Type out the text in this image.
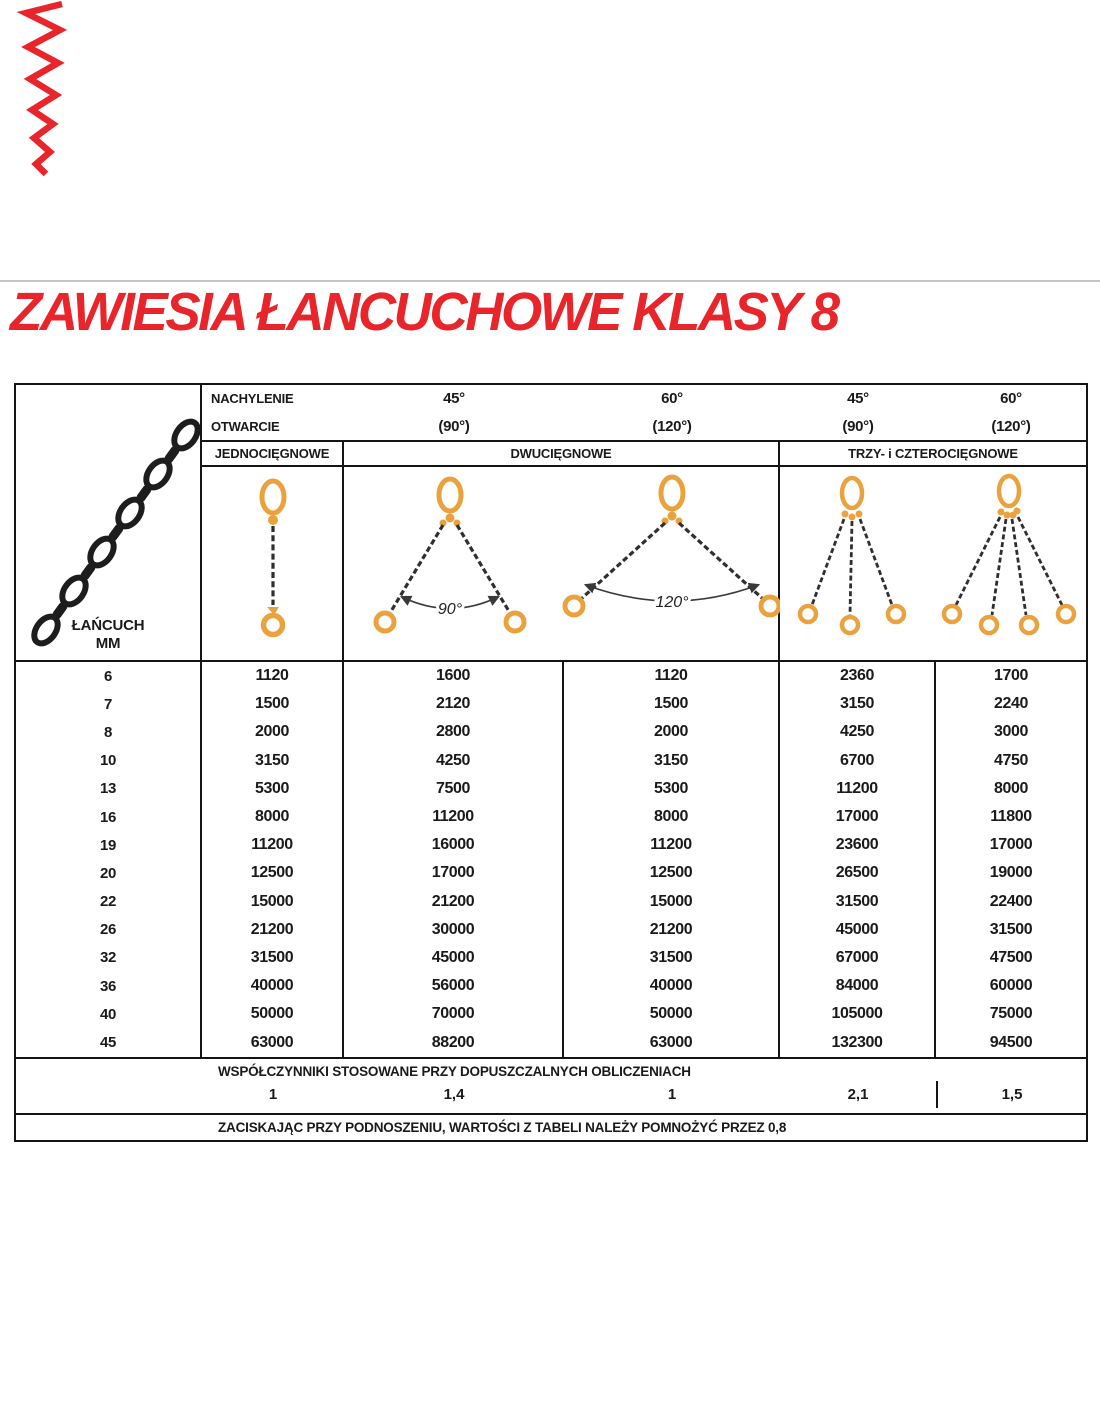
ZAWIESIA ŁANCUCHOWE KLASY 8
ŁAŃCUCH
MM
NACHYLENIE	45°	60°	45°	60°
OTWARCIE	(90°)	(120°)	(90°)	(120°)
JEDNOCIĘGNOWE	DWUCIĘGNOWE	TRZY- i CZTEROCIĘGNOWE
90°	120°
6	1120	1600	1120	2360	1700
7	1500	2120	1500	3150	2240
8	2000	2800	2000	4250	3000
10	3150	4250	3150	6700	4750
13	5300	7500	5300	11200	8000
16	8000	11200	8000	17000	11800
19	11200	16000	11200	23600	17000
20	12500	17000	12500	26500	19000
22	15000	21200	15000	31500	22400
26	21200	30000	21200	45000	31500
32	31500	45000	31500	67000	47500
36	40000	56000	40000	84000	60000
40	50000	70000	50000	105000	75000
45	63000	88200	63000	132300	94500
WSPÓŁCZYNNIKI STOSOWANE PRZY DOPUSZCZALNYCH OBLICZENIACH
1	1,4	1	2,1	1,5
ZACISKAJĄC PRZY PODNOSZENIU, WARTOŚCI Z TABELI NALEŻY POMNOŻYĆ PRZEZ 0,8
